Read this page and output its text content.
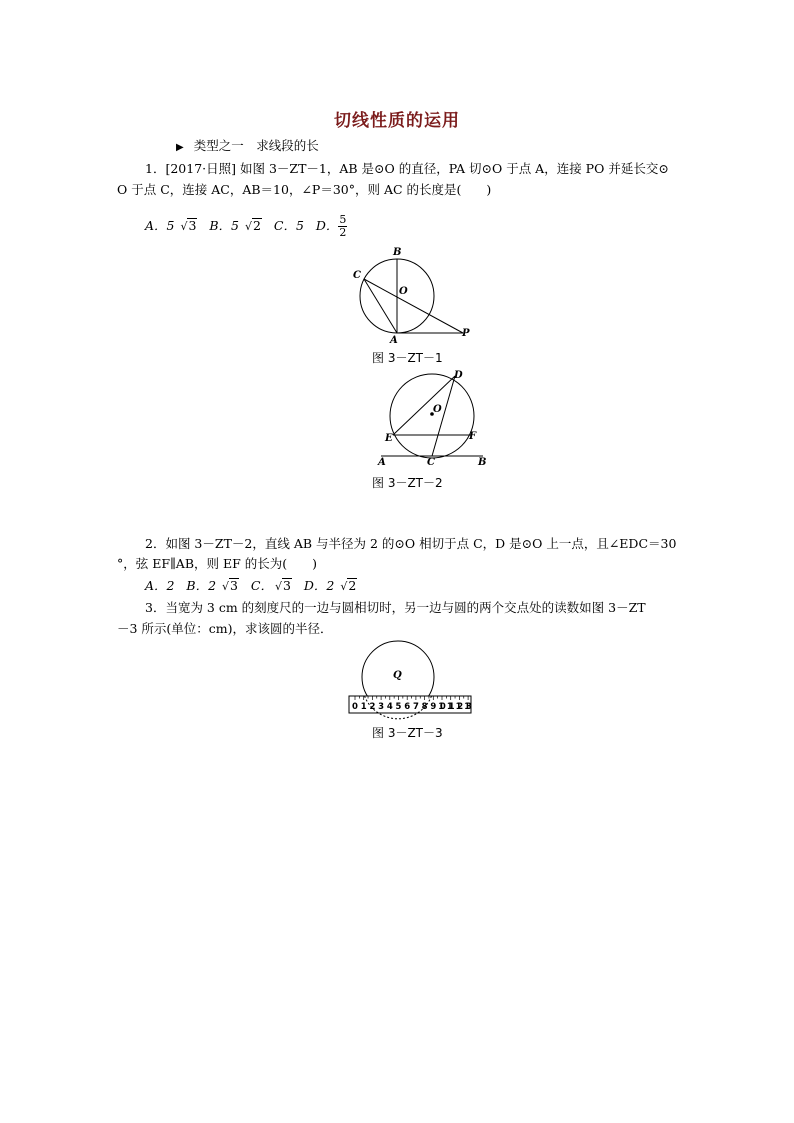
切线性质的运用
▶ 类型之一　求线段的长
1．[2017·日照] 如图 3－ZT－1，AB 是⊙O 的直径，PA 切⊙O 于点 A，连接 PO 并延长交⊙
O 于点 C，连接 AC，AB＝10，∠P＝30°，则 AC 的长度是(　　)
A．5 √3 B．5 √2 C．5 D． $\frac{5}{2}$
B
C
O
A
P
图 3－ZT－1
D
O
E	F
A	C	B
图 3－ZT－2
2．如图 3－ZT－2，直线 AB 与半径为 2 的⊙O 相切于点 C，D 是⊙O 上一点，且∠EDC＝30
°，弦 EF∥AB，则 EF 的长为(　　)
A．2 B．2 √3 C． √3 D．2 √2
3．当宽为 3 cm 的刻度尺的一边与圆相切时，另一边与圆的两个交点处的读数如图 3－ZT
－3 所示(单位：cm)，求该圆的半径．
0 1 2 3 4 5 6 7 8 9 10 11 12 13
Q
图 3－ZT－3
